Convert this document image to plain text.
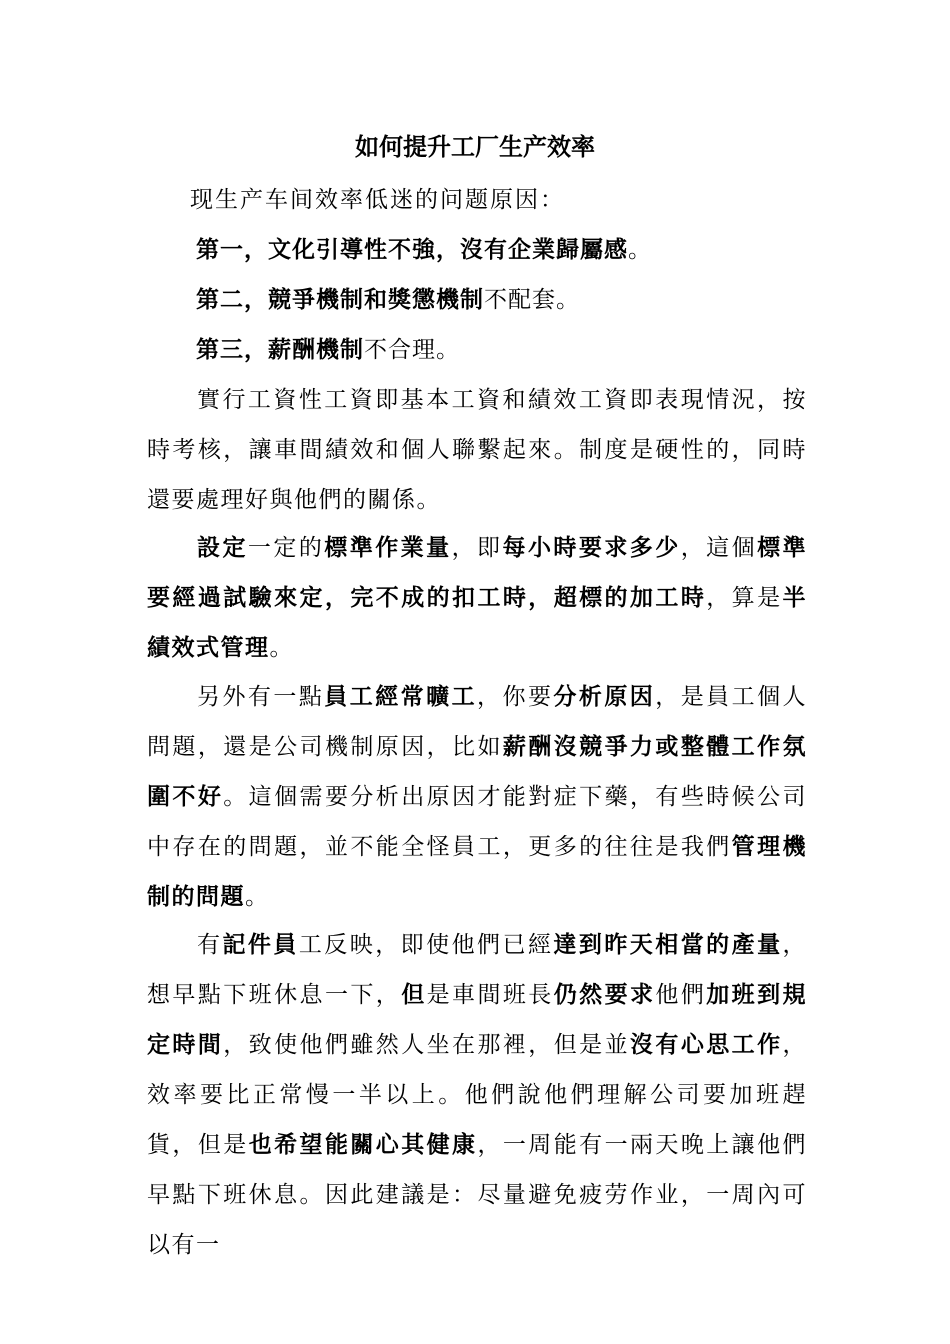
如何提升工厂生产效率
现生产车间效率低迷的问题原因：
第一，文化引導性不強，沒有企業歸屬感。
第二，競爭機制和獎懲機制不配套。
第三，薪酬機制不合理。

實行工資性工資即基本工資和績效工資即表現情況，按時考核，讓車間績效和個人聯繫起來。制度是硬性的，同時還要處理好與他們的關係。

設定一定的標準作業量，即每小時要求多少，這個標準要經過試驗來定，完不成的扣工時，超標的加工時，算是半績效式管理。

另外有一點員工經常曠工，你要分析原因，是員工個人問題，還是公司機制原因，比如薪酬沒競爭力或整體工作氛圍不好。這個需要分析出原因才能對症下藥，有些時候公司中存在的問題，並不能全怪員工，更多的往往是我們管理機制的問題。

有記件員工反映，即使他們已經達到昨天相當的產量，想早點下班休息一下，但是車間班長仍然要求他們加班到規定時間，致使他們雖然人坐在那裡，但是並沒有心思工作，效率要比正常慢一半以上。他們說他們理解公司要加班趕貨，但是也希望能關心其健康，一周能有一兩天晚上讓他們早點下班休息。因此建議是：尽量避免疲劳作业，一周內可以有一
